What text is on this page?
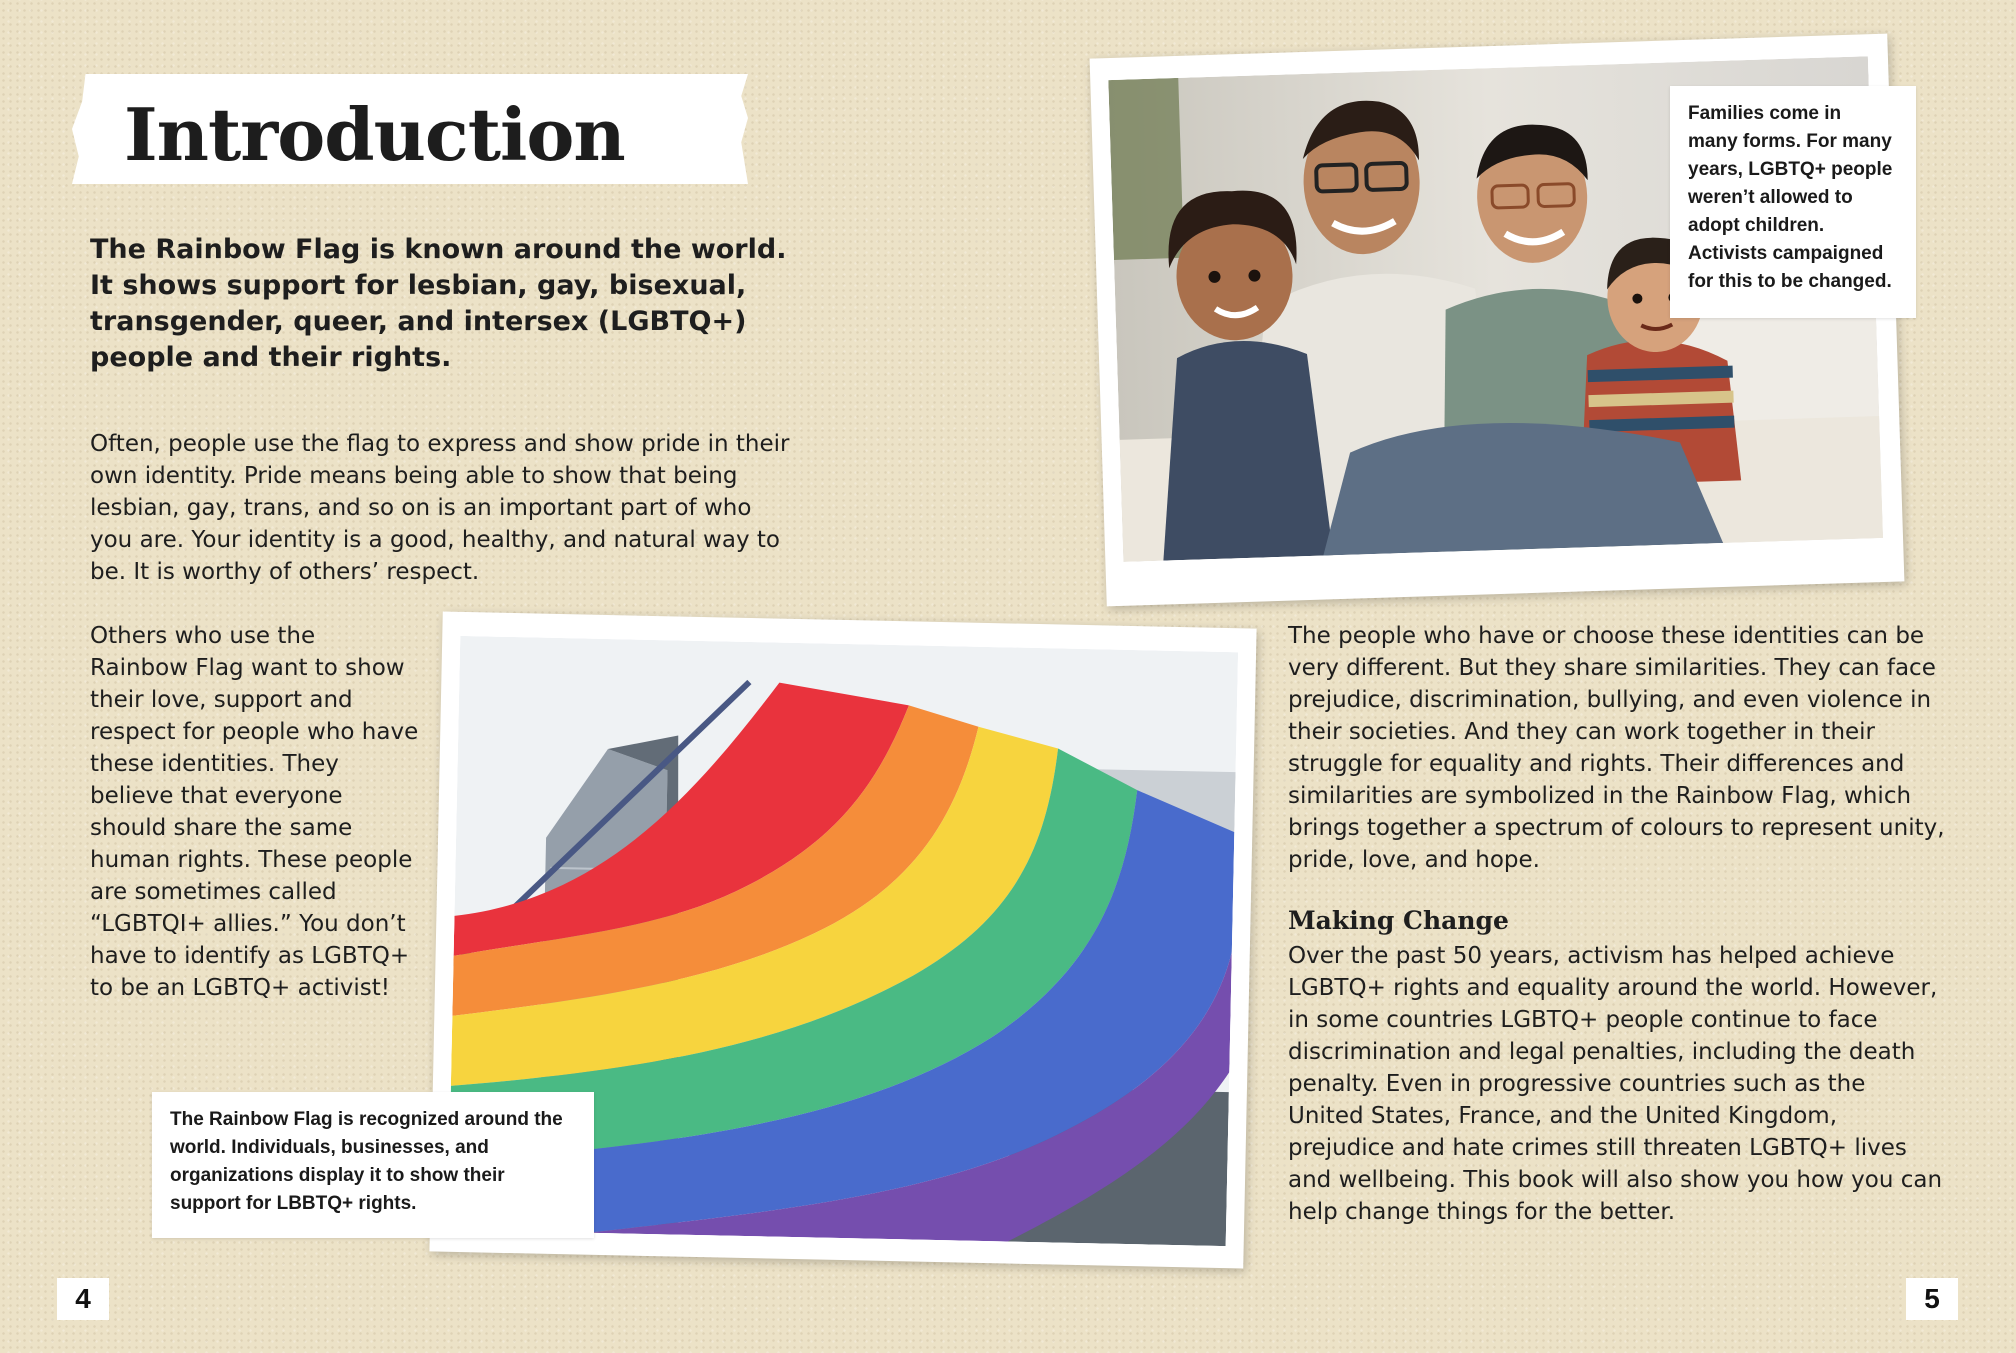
Introduction

The Rainbow Flag is known around the world. It shows support for lesbian, gay, bisexual, transgender, queer, and intersex (LGBTQ+) people and their rights.

Often, people use the flag to express and show pride in their own identity. Pride means being able to show that being lesbian, gay, trans, and so on is an important part of who you are. Your identity is a good, healthy, and natural way to be. It is worthy of others’ respect.

Others who use the Rainbow Flag want to show their love, support and respect for people who have these identities. They believe that everyone should share the same human rights. These people are sometimes called “LGBTQI+ allies.” You don’t have to identify as LGBTQ+ to be an LGBTQ+ activist!

Families come in many forms. For many years, LGBTQ+ people weren’t allowed to adopt children. Activists campaigned for this to be changed.
The Rainbow Flag is recognized around the world. Individuals, businesses, and organizations display it to show their support for LBBTQ+ rights.

The people who have or choose these identities can be very different. But they share similarities. They can face prejudice, discrimination, bullying, and even violence in their societies. And they can work together in their struggle for equality and rights. Their differences and similarities are symbolized in the Rainbow Flag, which brings together a spectrum of colours to represent unity, pride, love, and hope.

Making Change

Over the past 50 years, activism has helped achieve LGBTQ+ rights and equality around the world. However, in some countries LGBTQ+ people continue to face discrimination and legal penalties, including the death penalty. Even in progressive countries such as the United States, France, and the United Kingdom, prejudice and hate crimes still threaten LGBTQ+ lives and wellbeing. This book will also show you how you can help change things for the better.

4	5
